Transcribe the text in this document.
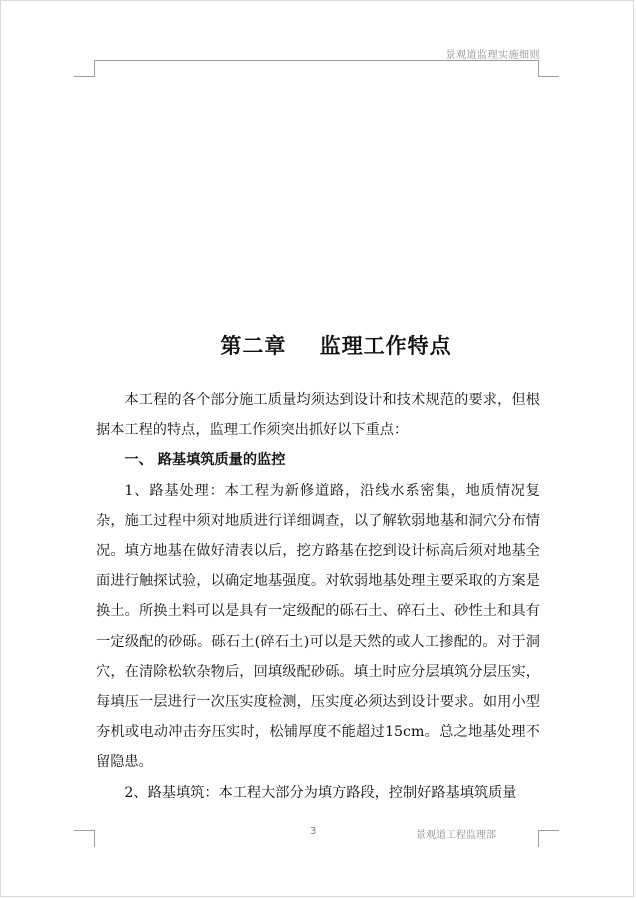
景观道监理实施细则
第二章    监理工作特点

本工程的各个部分施工质量均须达到设计和技术规范的要求，但根据本工程的特点，监理工作须突出抓好以下重点：

一、 路基填筑质量的监控

1、路基处理：本工程为新修道路，沿线水系密集，地质情况复杂，施工过程中须对地质进行详细调查，以了解软弱地基和洞穴分布情况。填方地基在做好清表以后，挖方路基在挖到设计标高后须对地基全面进行触探试验，以确定地基强度。对软弱地基处理主要采取的方案是换土。所换土料可以是具有一定级配的砾石土、碎石土、砂性土和具有一定级配的砂砾。砾石土(碎石土)可以是天然的或人工掺配的。对于洞穴，在清除松软杂物后，回填级配砂砾。填土时应分层填筑分层压实，每填压一层进行一次压实度检测，压实度必须达到设计要求。如用小型夯机或电动冲击夯压实时，松铺厚度不能超过15cm。总之地基处理不留隐患。

2、路基填筑：本工程大部分为填方路段，控制好路基填筑质量

3	景观道工程监理部
